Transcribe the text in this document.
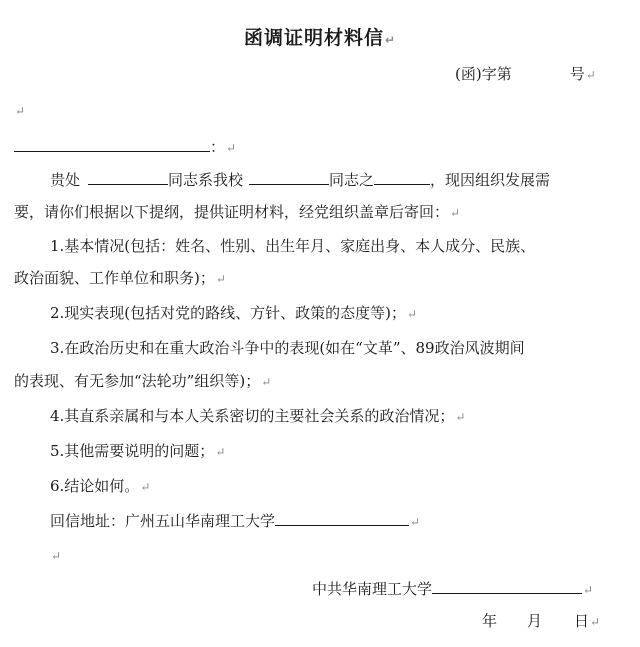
函调证明材料信↵
(函)字第	号↵
↵
：↵
贵处	同志系我校	同志之	，现因组织发展需
要，请你们根据以下提纲，提供证明材料，经党组织盖章后寄回：↵
1.基本情况(包括：姓名、性别、出生年月、家庭出身、本人成分、民族、
政治面貌、工作单位和职务)；↵
2.现实表现(包括对党的路线、方针、政策的态度等)；↵
3.在政治历史和在重大政治斗争中的表现(如在“文革”、89政治风波期间
的表现、有无参加“法轮功”组织等)；↵
4.其直系亲属和与本人关系密切的主要社会关系的政治情况；↵
5.其他需要说明的问题；↵
6.结论如何。↵
回信地址：广州五山华南理工大学	↵
↵
中共华南理工大学	↵
年 月 日↵
